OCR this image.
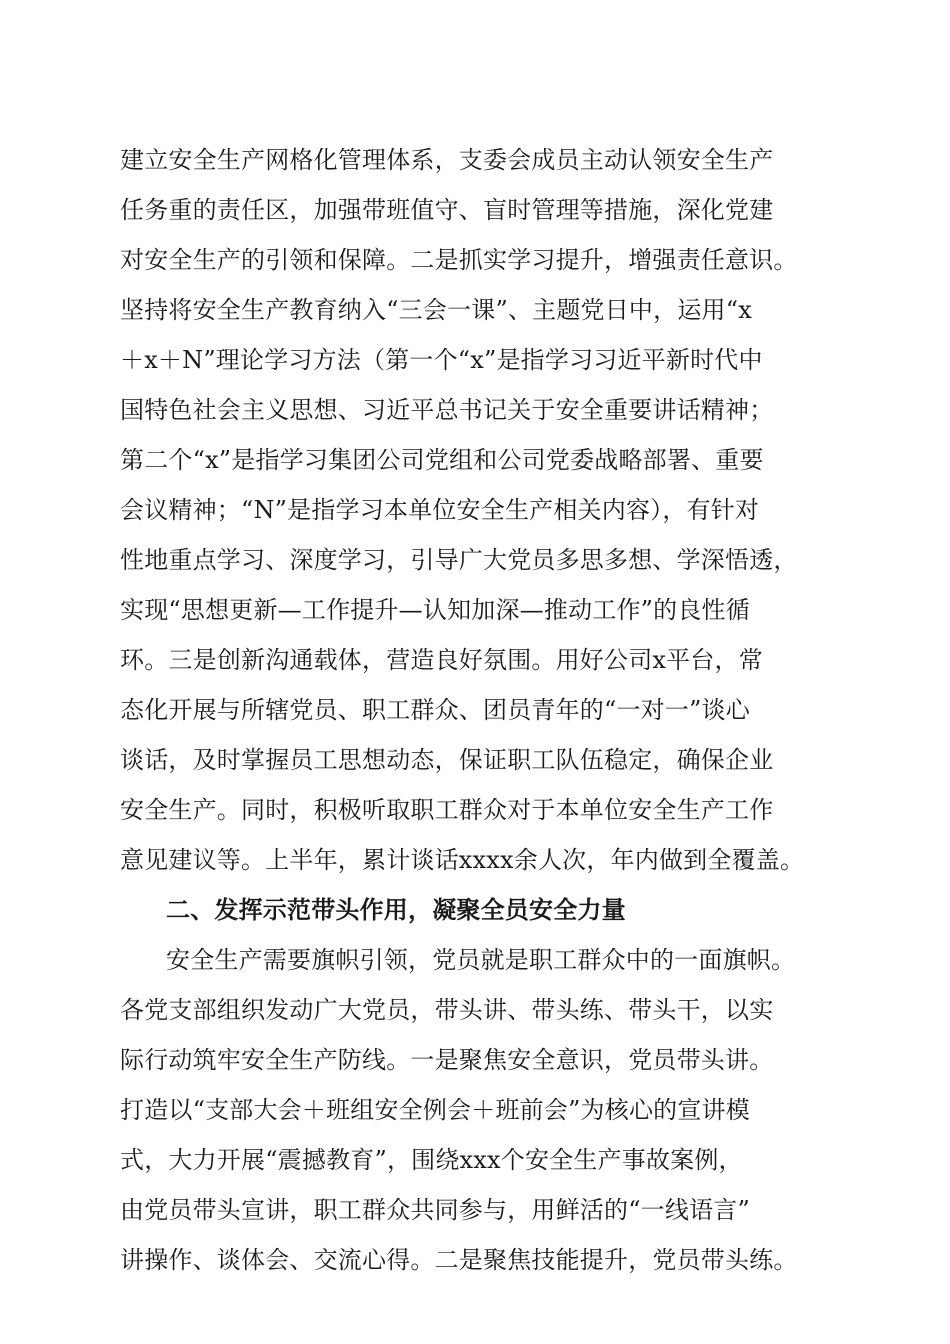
建立安全生产网格化管理体系，支委会成员主动认领安全生产
任务重的责任区，加强带班值守、盲时管理等措施，深化党建
对安全生产的引领和保障。二是抓实学习提升，增强责任意识。
坚持将安全生产教育纳入“三会一课”、主题党日中，运用“x
＋x＋N”理论学习方法（第一个“x”是指学习习近平新时代中
国特色社会主义思想、习近平总书记关于安全重要讲话精神；
第二个“x”是指学习集团公司党组和公司党委战略部署、重要
会议精神；“N”是指学习本单位安全生产相关内容），有针对
性地重点学习、深度学习，引导广大党员多思多想、学深悟透，
实现“思想更新—工作提升—认知加深—推动工作”的良性循
环。三是创新沟通载体，营造良好氛围。用好公司x平台，常
态化开展与所辖党员、职工群众、团员青年的“一对一”谈心
谈话，及时掌握员工思想动态，保证职工队伍稳定，确保企业
安全生产。同时，积极听取职工群众对于本单位安全生产工作
意见建议等。上半年，累计谈话xxxx余人次，年内做到全覆盖。
二、发挥示范带头作用，凝聚全员安全力量
安全生产需要旗帜引领，党员就是职工群众中的一面旗帜。
各党支部组织发动广大党员，带头讲、带头练、带头干，以实
际行动筑牢安全生产防线。一是聚焦安全意识，党员带头讲。
打造以“支部大会＋班组安全例会＋班前会”为核心的宣讲模
式，大力开展“震撼教育”，围绕xxx个安全生产事故案例，
由党员带头宣讲，职工群众共同参与，用鲜活的“一线语言”
讲操作、谈体会、交流心得。二是聚焦技能提升，党员带头练。
